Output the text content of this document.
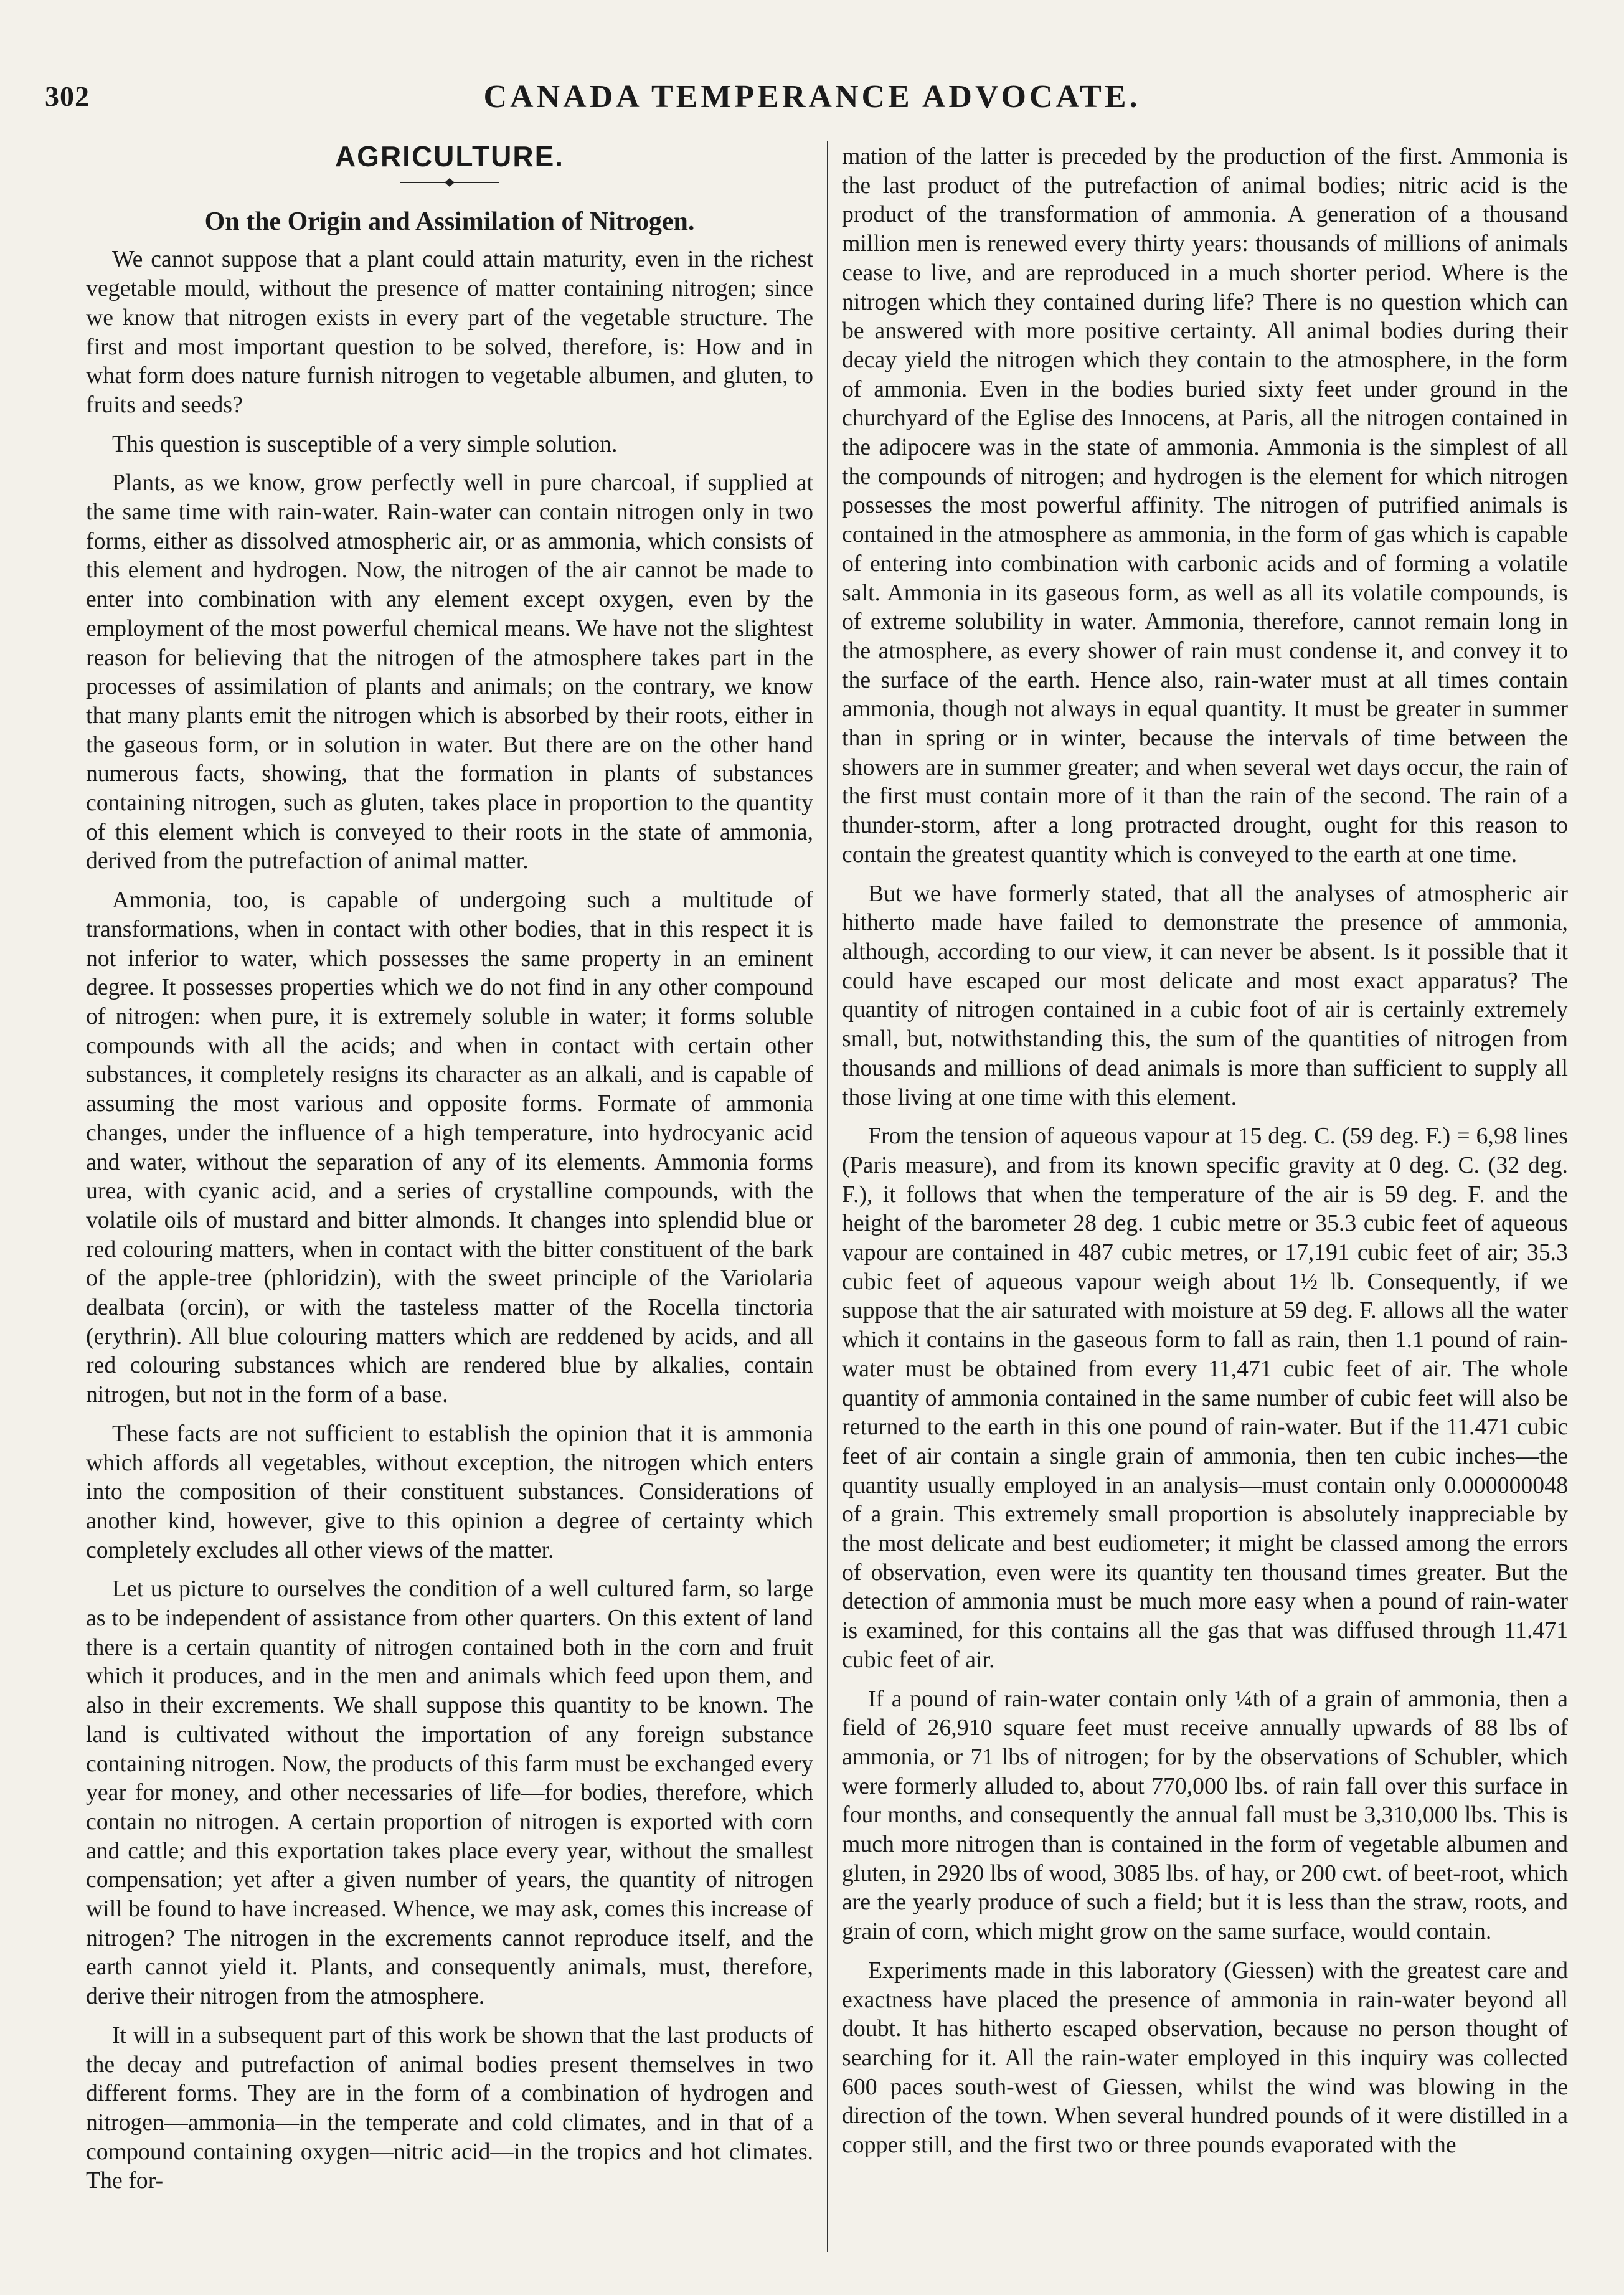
302	CANADA TEMPERANCE ADVOCATE.
AGRICULTURE.
On the Origin and Assimilation of Nitrogen.

We cannot suppose that a plant could attain maturity, even in the richest vegetable mould, without the presence of matter containing nitrogen; since we know that nitrogen exists in every part of the vegetable structure. The first and most important question to be solved, therefore, is: How and in what form does nature furnish nitrogen to vegetable albumen, and gluten, to fruits and seeds?

This question is susceptible of a very simple solution.

Plants, as we know, grow perfectly well in pure charcoal, if supplied at the same time with rain-water. Rain-water can contain nitrogen only in two forms, either as dissolved atmospheric air, or as ammonia, which consists of this element and hydrogen. Now, the nitrogen of the air cannot be made to enter into combination with any element except oxygen, even by the employment of the most powerful chemical means. We have not the slightest reason for believing that the nitrogen of the atmosphere takes part in the processes of assimilation of plants and animals; on the contrary, we know that many plants emit the nitrogen which is absorbed by their roots, either in the gaseous form, or in solution in water. But there are on the other hand numerous facts, showing, that the formation in plants of substances containing nitrogen, such as gluten, takes place in proportion to the quantity of this element which is conveyed to their roots in the state of ammonia, derived from the putrefaction of animal matter.

Ammonia, too, is capable of undergoing such a multitude of transformations, when in contact with other bodies, that in this respect it is not inferior to water, which possesses the same property in an eminent degree. It possesses properties which we do not find in any other compound of nitrogen: when pure, it is extremely soluble in water; it forms soluble compounds with all the acids; and when in contact with certain other substances, it completely resigns its character as an alkali, and is capable of assuming the most various and opposite forms. Formate of ammonia changes, under the influence of a high temperature, into hydrocyanic acid and water, without the separation of any of its elements. Ammonia forms urea, with cyanic acid, and a series of crystalline compounds, with the volatile oils of mustard and bitter almonds. It changes into splendid blue or red colouring matters, when in contact with the bitter constituent of the bark of the apple-tree (phloridzin), with the sweet principle of the Variolaria dealbata (orcin), or with the tasteless matter of the Rocella tinctoria (erythrin). All blue colouring matters which are reddened by acids, and all red colouring substances which are rendered blue by alkalies, contain nitrogen, but not in the form of a base.

These facts are not sufficient to establish the opinion that it is ammonia which affords all vegetables, without exception, the nitrogen which enters into the composition of their constituent substances. Considerations of another kind, however, give to this opinion a degree of certainty which completely excludes all other views of the matter.

Let us picture to ourselves the condition of a well cultured farm, so large as to be independent of assistance from other quarters. On this extent of land there is a certain quantity of nitrogen contained both in the corn and fruit which it produces, and in the men and animals which feed upon them, and also in their excrements. We shall suppose this quantity to be known. The land is cultivated without the importation of any foreign substance containing nitrogen. Now, the products of this farm must be exchanged every year for money, and other necessaries of life—for bodies, therefore, which contain no nitrogen. A certain proportion of nitrogen is exported with corn and cattle; and this exportation takes place every year, without the smallest compensation; yet after a given number of years, the quantity of nitrogen will be found to have increased. Whence, we may ask, comes this increase of nitrogen? The nitrogen in the excrements cannot reproduce itself, and the earth cannot yield it. Plants, and consequently animals, must, therefore, derive their nitrogen from the atmosphere.

It will in a subsequent part of this work be shown that the last products of the decay and putrefaction of animal bodies present themselves in two different forms. They are in the form of a combination of hydrogen and nitrogen—ammonia—in the temperate and cold climates, and in that of a compound containing oxygen—nitric acid—in the tropics and hot climates. The for-

mation of the latter is preceded by the production of the first. Ammonia is the last product of the putrefaction of animal bodies; nitric acid is the product of the transformation of ammonia. A generation of a thousand million men is renewed every thirty years: thousands of millions of animals cease to live, and are reproduced in a much shorter period. Where is the nitrogen which they contained during life? There is no question which can be answered with more positive certainty. All animal bodies during their decay yield the nitrogen which they contain to the atmosphere, in the form of ammonia. Even in the bodies buried sixty feet under ground in the churchyard of the Eglise des Innocens, at Paris, all the nitrogen contained in the adipocere was in the state of ammonia. Ammonia is the simplest of all the compounds of nitrogen; and hydrogen is the element for which nitrogen possesses the most powerful affinity. The nitrogen of putrified animals is contained in the atmosphere as ammonia, in the form of gas which is capable of entering into combination with carbonic acids and of forming a volatile salt. Ammonia in its gaseous form, as well as all its volatile compounds, is of extreme solubility in water. Ammonia, therefore, cannot remain long in the atmosphere, as every shower of rain must condense it, and convey it to the surface of the earth. Hence also, rain-water must at all times contain ammonia, though not always in equal quantity. It must be greater in summer than in spring or in winter, because the intervals of time between the showers are in summer greater; and when several wet days occur, the rain of the first must contain more of it than the rain of the second. The rain of a thunder-storm, after a long protracted drought, ought for this reason to contain the greatest quantity which is conveyed to the earth at one time.

But we have formerly stated, that all the analyses of atmospheric air hitherto made have failed to demonstrate the presence of ammonia, although, according to our view, it can never be absent. Is it possible that it could have escaped our most delicate and most exact apparatus? The quantity of nitrogen contained in a cubic foot of air is certainly extremely small, but, notwithstanding this, the sum of the quantities of nitrogen from thousands and millions of dead animals is more than sufficient to supply all those living at one time with this element.

From the tension of aqueous vapour at 15 deg. C. (59 deg. F.) = 6,98 lines (Paris measure), and from its known specific gravity at 0 deg. C. (32 deg. F.), it follows that when the temperature of the air is 59 deg. F. and the height of the barometer 28 deg. 1 cubic metre or 35.3 cubic feet of aqueous vapour are contained in 487 cubic metres, or 17,191 cubic feet of air; 35.3 cubic feet of aqueous vapour weigh about 1½ lb. Consequently, if we suppose that the air saturated with moisture at 59 deg. F. allows all the water which it contains in the gaseous form to fall as rain, then 1.1 pound of rain-water must be obtained from every 11,471 cubic feet of air. The whole quantity of ammonia contained in the same number of cubic feet will also be returned to the earth in this one pound of rain-water. But if the 11.471 cubic feet of air contain a single grain of ammonia, then ten cubic inches—the quantity usually employed in an analysis—must contain only 0.000000048 of a grain. This extremely small proportion is absolutely inappreciable by the most delicate and best eudiometer; it might be classed among the errors of observation, even were its quantity ten thousand times greater. But the detection of ammonia must be much more easy when a pound of rain-water is examined, for this contains all the gas that was diffused through 11.471 cubic feet of air.

If a pound of rain-water contain only ¼th of a grain of ammonia, then a field of 26,910 square feet must receive annually upwards of 88 lbs of ammonia, or 71 lbs of nitrogen; for by the observations of Schubler, which were formerly alluded to, about 770,000 lbs. of rain fall over this surface in four months, and consequently the annual fall must be 3,310,000 lbs. This is much more nitrogen than is contained in the form of vegetable albumen and gluten, in 2920 lbs of wood, 3085 lbs. of hay, or 200 cwt. of beet-root, which are the yearly produce of such a field; but it is less than the straw, roots, and grain of corn, which might grow on the same surface, would contain.

Experiments made in this laboratory (Giessen) with the greatest care and exactness have placed the presence of ammonia in rain-water beyond all doubt. It has hitherto escaped observation, because no person thought of searching for it. All the rain-water employed in this inquiry was collected 600 paces south-west of Giessen, whilst the wind was blowing in the direction of the town. When several hundred pounds of it were distilled in a copper still, and the first two or three pounds evaporated with the
